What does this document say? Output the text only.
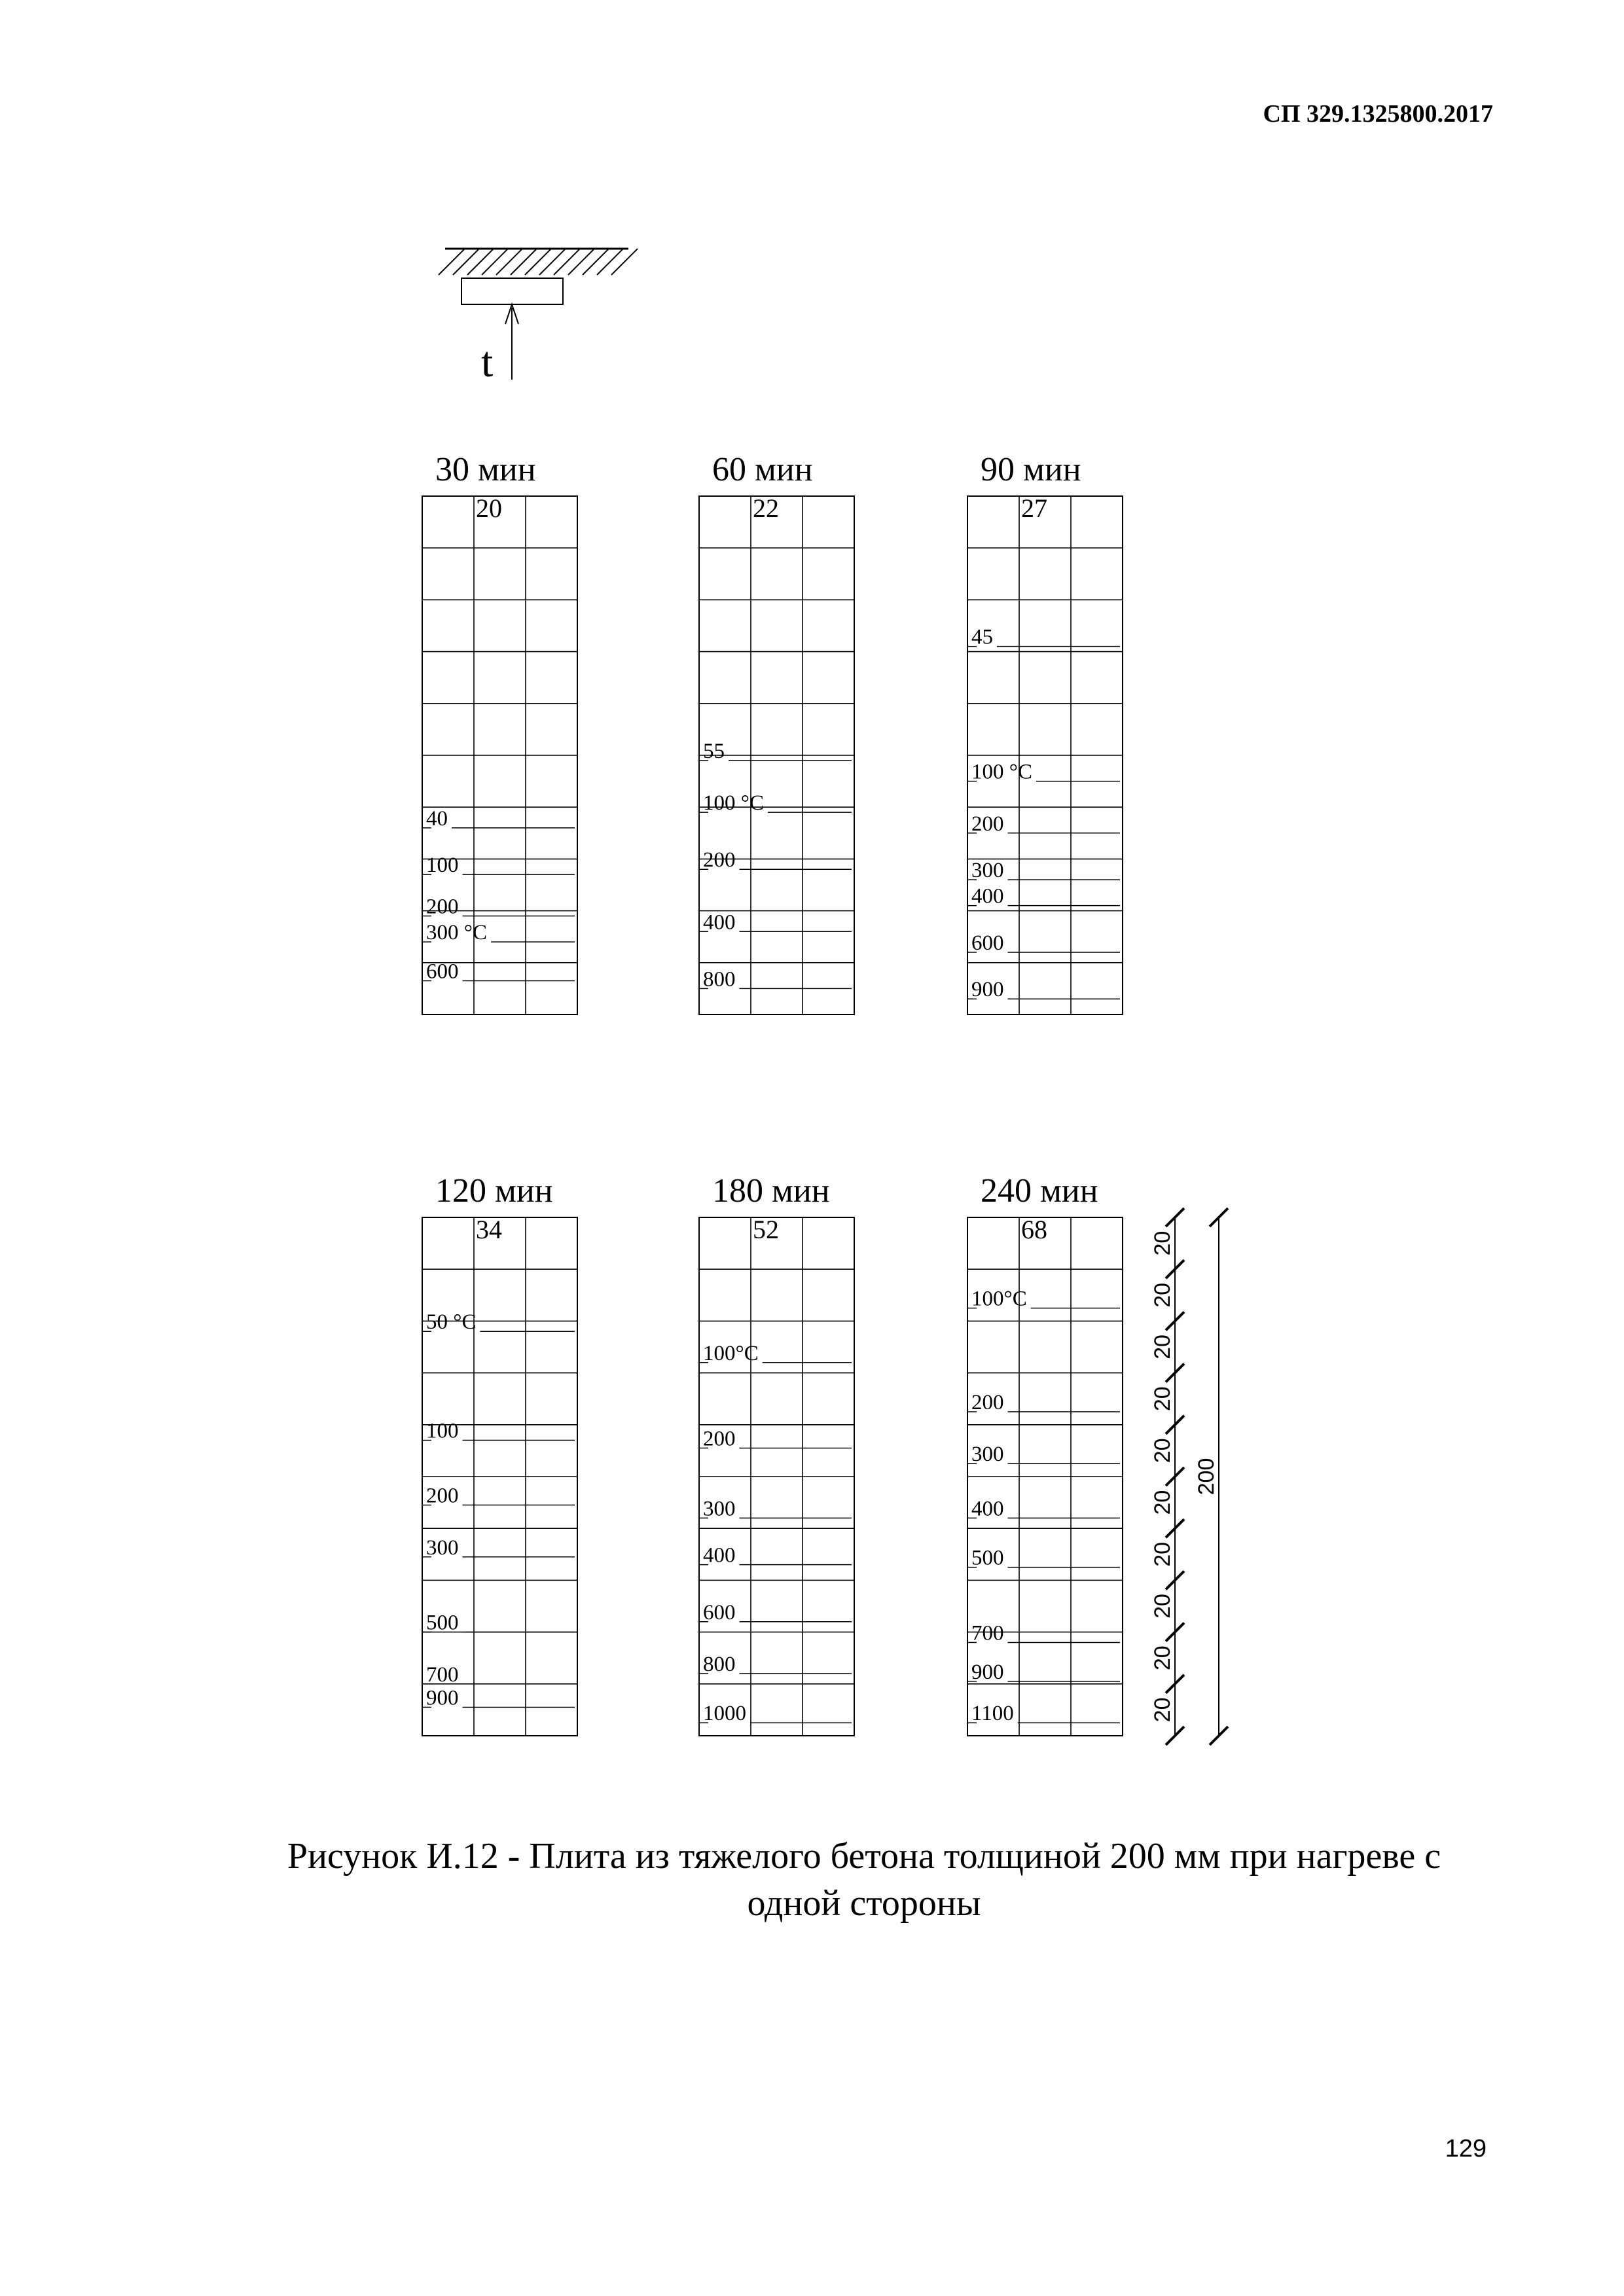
СП 329.1325800.2017
t
30 мин
20
40
100
200
300 °C
600
60 мин
22
55
100 °C
200
400
800
90 мин
27
45
100 °C
200
300
400
600
900
120 мин
34
50 °C
100
200
300
500
700
900
180 мин
52
100°C
200
300
400
600
800
1000
240 мин
68
100°C
200
300
400
500
700
900
1100
20
20
20
20
20
20
20
20
20
20
200
Рисунок И.12 - Плита из тяжелого бетона толщиной 200 мм при нагреве с
одной стороны
129
